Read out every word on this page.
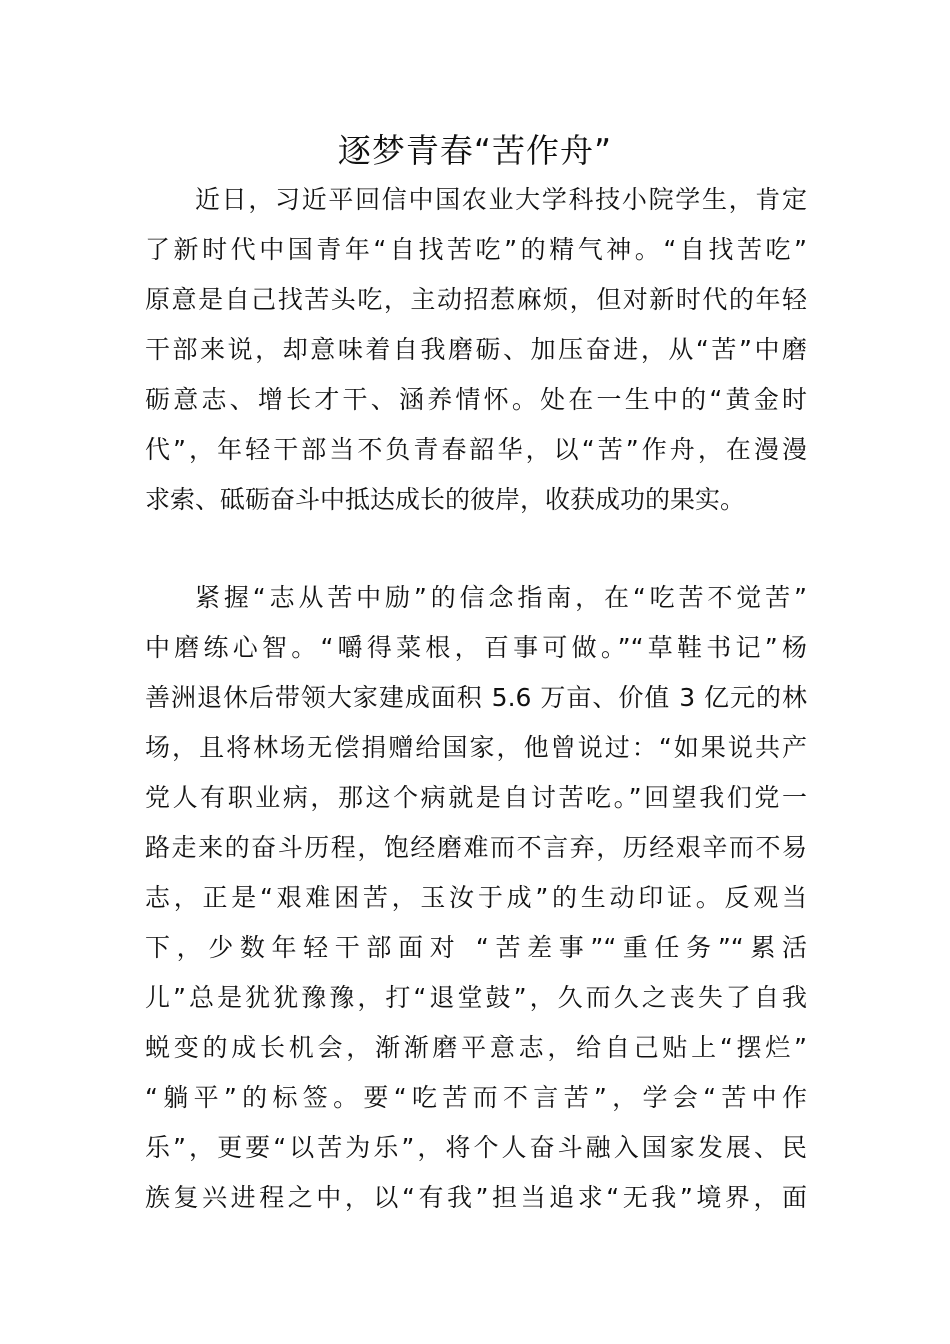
逐梦青春“苦作舟”
近日，习近平回信中国农业大学科技小院学生，肯定
了新时代中国青年“自找苦吃”的精气神。“自找苦吃”
原意是自己找苦头吃，主动招惹麻烦，但对新时代的年轻
干部来说，却意味着自我磨砺、加压奋进，从“苦”中磨
砺意志、增长才干、涵养情怀。处在一生中的“黄金时
代”，年轻干部当不负青春韶华，以“苦”作舟，在漫漫
求索、砥砺奋斗中抵达成长的彼岸，收获成功的果实。
紧握“志从苦中励”的信念指南，在“吃苦不觉苦”
中磨练心智。“嚼得菜根，百事可做。”“草鞋书记”杨
善洲退休后带领大家建成面积 5.6 万亩、价值 3 亿元的林
场，且将林场无偿捐赠给国家，他曾说过：“如果说共产
党人有职业病，那这个病就是自讨苦吃。”回望我们党一
路走来的奋斗历程，饱经磨难而不言弃，历经艰辛而不易
志，正是“艰难困苦，玉汝于成”的生动印证。反观当
下，少数年轻干部面对 “苦差事”“重任务”“累活
儿”总是犹犹豫豫，打“退堂鼓”，久而久之丧失了自我
蜕变的成长机会，渐渐磨平意志，给自己贴上“摆烂”
“躺平”的标签。要“吃苦而不言苦”，学会“苦中作
乐”，更要“以苦为乐”，将个人奋斗融入国家发展、民
族复兴进程之中，以“有我”担当追求“无我”境界，面
